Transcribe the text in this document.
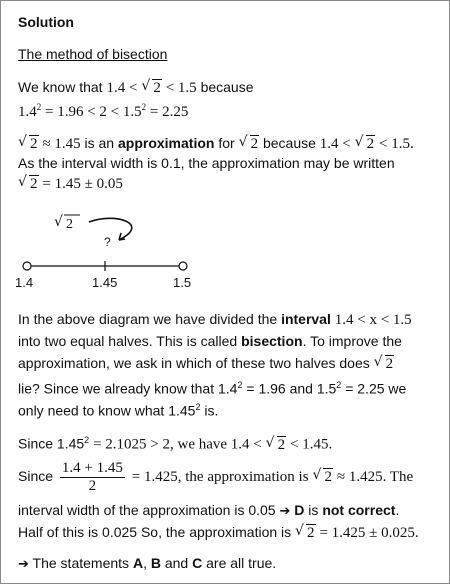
Solution
The method of bisection
We know that 1.4 < √ 2 < 1.5 because
$1.4^2 = 1.96 < 2 < 1.5^2 = 2.25$
√ 2 ≈ 1.45 is an approximation for √ 2 because 1.4 < √ 2 < 1.5.
As the interval width is 0.1, the approximation may be written
√ 2 = 1.45 ± 0.05
√ 2
?
1.4	1.45	1.5
In the above diagram we have divided the interval 1.4 < x < 1.5
into two equal halves. This is called bisection. To improve the
approximation, we ask in which of these two halves does √ 2
lie? Since we already know that $1.4^2 = 1.96$ and $1.5^2 = 2.25$ we
only need to know what 1.45$^2$ is.
Since $1.45^2 = 2.1025 > 2$, we have 1.4 < √ 2 < 1.45.
Since $\frac{1.4 + 1.45}{2} = 1.425$, the approximation is √ 2 ≈ 1.425. The
interval width of the approximation is 0.05 ➔ D is not correct.
Half of this is 0.025 So, the approximation is √ 2 = 1.425 ± 0.025.
➔ The statements A, B and C are all true.
